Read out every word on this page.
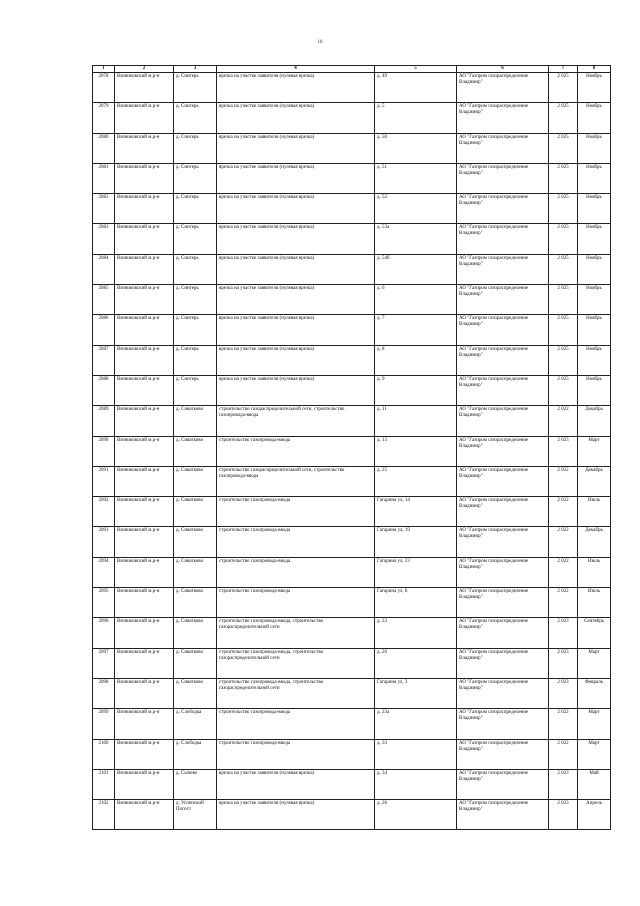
18
1	2	3	4	5	6	7	8
2078	Вязниковский м.р-н	д. Сингерь	врезка на участке заявителя (нулевая врезка)	д. 49	АО "Газпром газораспределение Владимир"	2 025	Ноябрь
2079	Вязниковский м.р-н	д. Сингерь	врезка на участке заявителя (нулевая врезка)	д. 5	АО "Газпром газораспределение Владимир"	2 025	Ноябрь
2080	Вязниковский м.р-н	д. Сингерь	врезка на участке заявителя (нулевая врезка)	д. 50	АО "Газпром газораспределение Владимир"	2 025	Ноябрь
2081	Вязниковский м.р-н	д. Сингерь	врезка на участке заявителя (нулевая врезка)	д. 51	АО "Газпром газораспределение Владимир"	2 025	Ноябрь
2082	Вязниковский м.р-н	д. Сингерь	врезка на участке заявителя (нулевая врезка)	д. 52	АО "Газпром газораспределение Владимир"	2 025	Ноябрь
2083	Вязниковский м.р-н	д. Сингерь	врезка на участке заявителя (нулевая врезка)	д. 53а	АО "Газпром газораспределение Владимир"	2 025	Ноябрь
2084	Вязниковский м.р-н	д. Сингерь	врезка на участке заявителя (нулевая врезка)	д. 54б	АО "Газпром газораспределение Владимир"	2 025	Ноябрь
2085	Вязниковский м.р-н	д. Сингерь	врезка на участке заявителя (нулевая врезка)	д. 6	АО "Газпром газораспределение Владимир"	2 025	Ноябрь
2086	Вязниковский м.р-н	д. Сингерь	врезка на участке заявителя (нулевая врезка)	д. 7	АО "Газпром газораспределение Владимир"	2 025	Ноябрь
2087	Вязниковский м.р-н	д. Сингерь	врезка на участке заявителя (нулевая врезка)	д. 8	АО "Газпром газораспределение Владимир"	2 025	Ноябрь
2088	Вязниковский м.р-н	д. Сингерь	врезка на участке заявителя (нулевая врезка)	д. 9	АО "Газпром газораспределение Владимир"	2 025	Ноябрь
2089	Вязниковский м.р-н	д. Сиватково	строительство газораспределительной сети, строительство газопровода-ввода	д. 11	АО "Газпром газораспределение Владимир"	2 022	Декабрь
2090	Вязниковский м.р-н	д. Сиватково	строительство газопровода-ввода	д. 13	АО "Газпром газораспределение Владимир"	2 023	Март
2091	Вязниковский м.р-н	д. Сиватково	строительство газораспределительной сети, строительство газопровода-ввода	д. 25	АО "Газпром газораспределение Владимир"	2 022	Декабрь
2092	Вязниковский м.р-н	д. Сиватково	строительство газопровода-ввода	Гагарина ул, 14	АО "Газпром газораспределение Владимир"	2 022	Июль
2093	Вязниковский м.р-н	д. Сиватково	строительство газопровода-ввода	Гагарина ул, 19	АО "Газпром газораспределение Владимир"	2 022	Декабрь
2094	Вязниковский м.р-н	д. Сиватково	строительство газопровода-ввода	Гагарина ул, 23	АО "Газпром газораспределение Владимир"	2 022	Июль
2095	Вязниковский м.р-н	д. Сиватково	строительство газопровода-ввода	Гагарина ул, 8	АО "Газпром газораспределение Владимир"	2 022	Июль
2096	Вязниковский м.р-н	д. Сиватково	строительство газопровода-ввода, строительство газораспределительной сети	д. 23	АО "Газпром газораспределение Владимир"	2 023	Сентябрь
2097	Вязниковский м.р-н	д. Сиватково	строительство газопровода-ввода, строительство газораспределительной сети	д. 20	АО "Газпром газораспределение Владимир"	2 023	Март
2098	Вязниковский м.р-н	д. Сиватково	строительство газопровода-ввода, строительство газораспределительной сети	Гагарина ул, 3	АО "Газпром газораспределение Владимир"	2 023	Февраль
2099	Вязниковский м.р-н	д. Слободка	строительство газопровода-ввода	д. 23а	АО "Газпром газораспределение Владимир"	2 022	Март
2100	Вязниковский м.р-н	д. Слободка	строительство газопровода-ввода	д. 33	АО "Газпром газораспределение Владимир"	2 022	Март
2101	Вязниковский м.р-н	д. Сычево	врезка на участке заявителя (нулевая врезка)	д. 34	АО "Газпром газораспределение Владимир"	2 023	Май
2102	Вязниковский м.р-н	д. Успенский Погост	врезка на участке заявителя (нулевая врезка)	д. 26	АО "Газпром газораспределение Владимир"	2 023	Апрель
